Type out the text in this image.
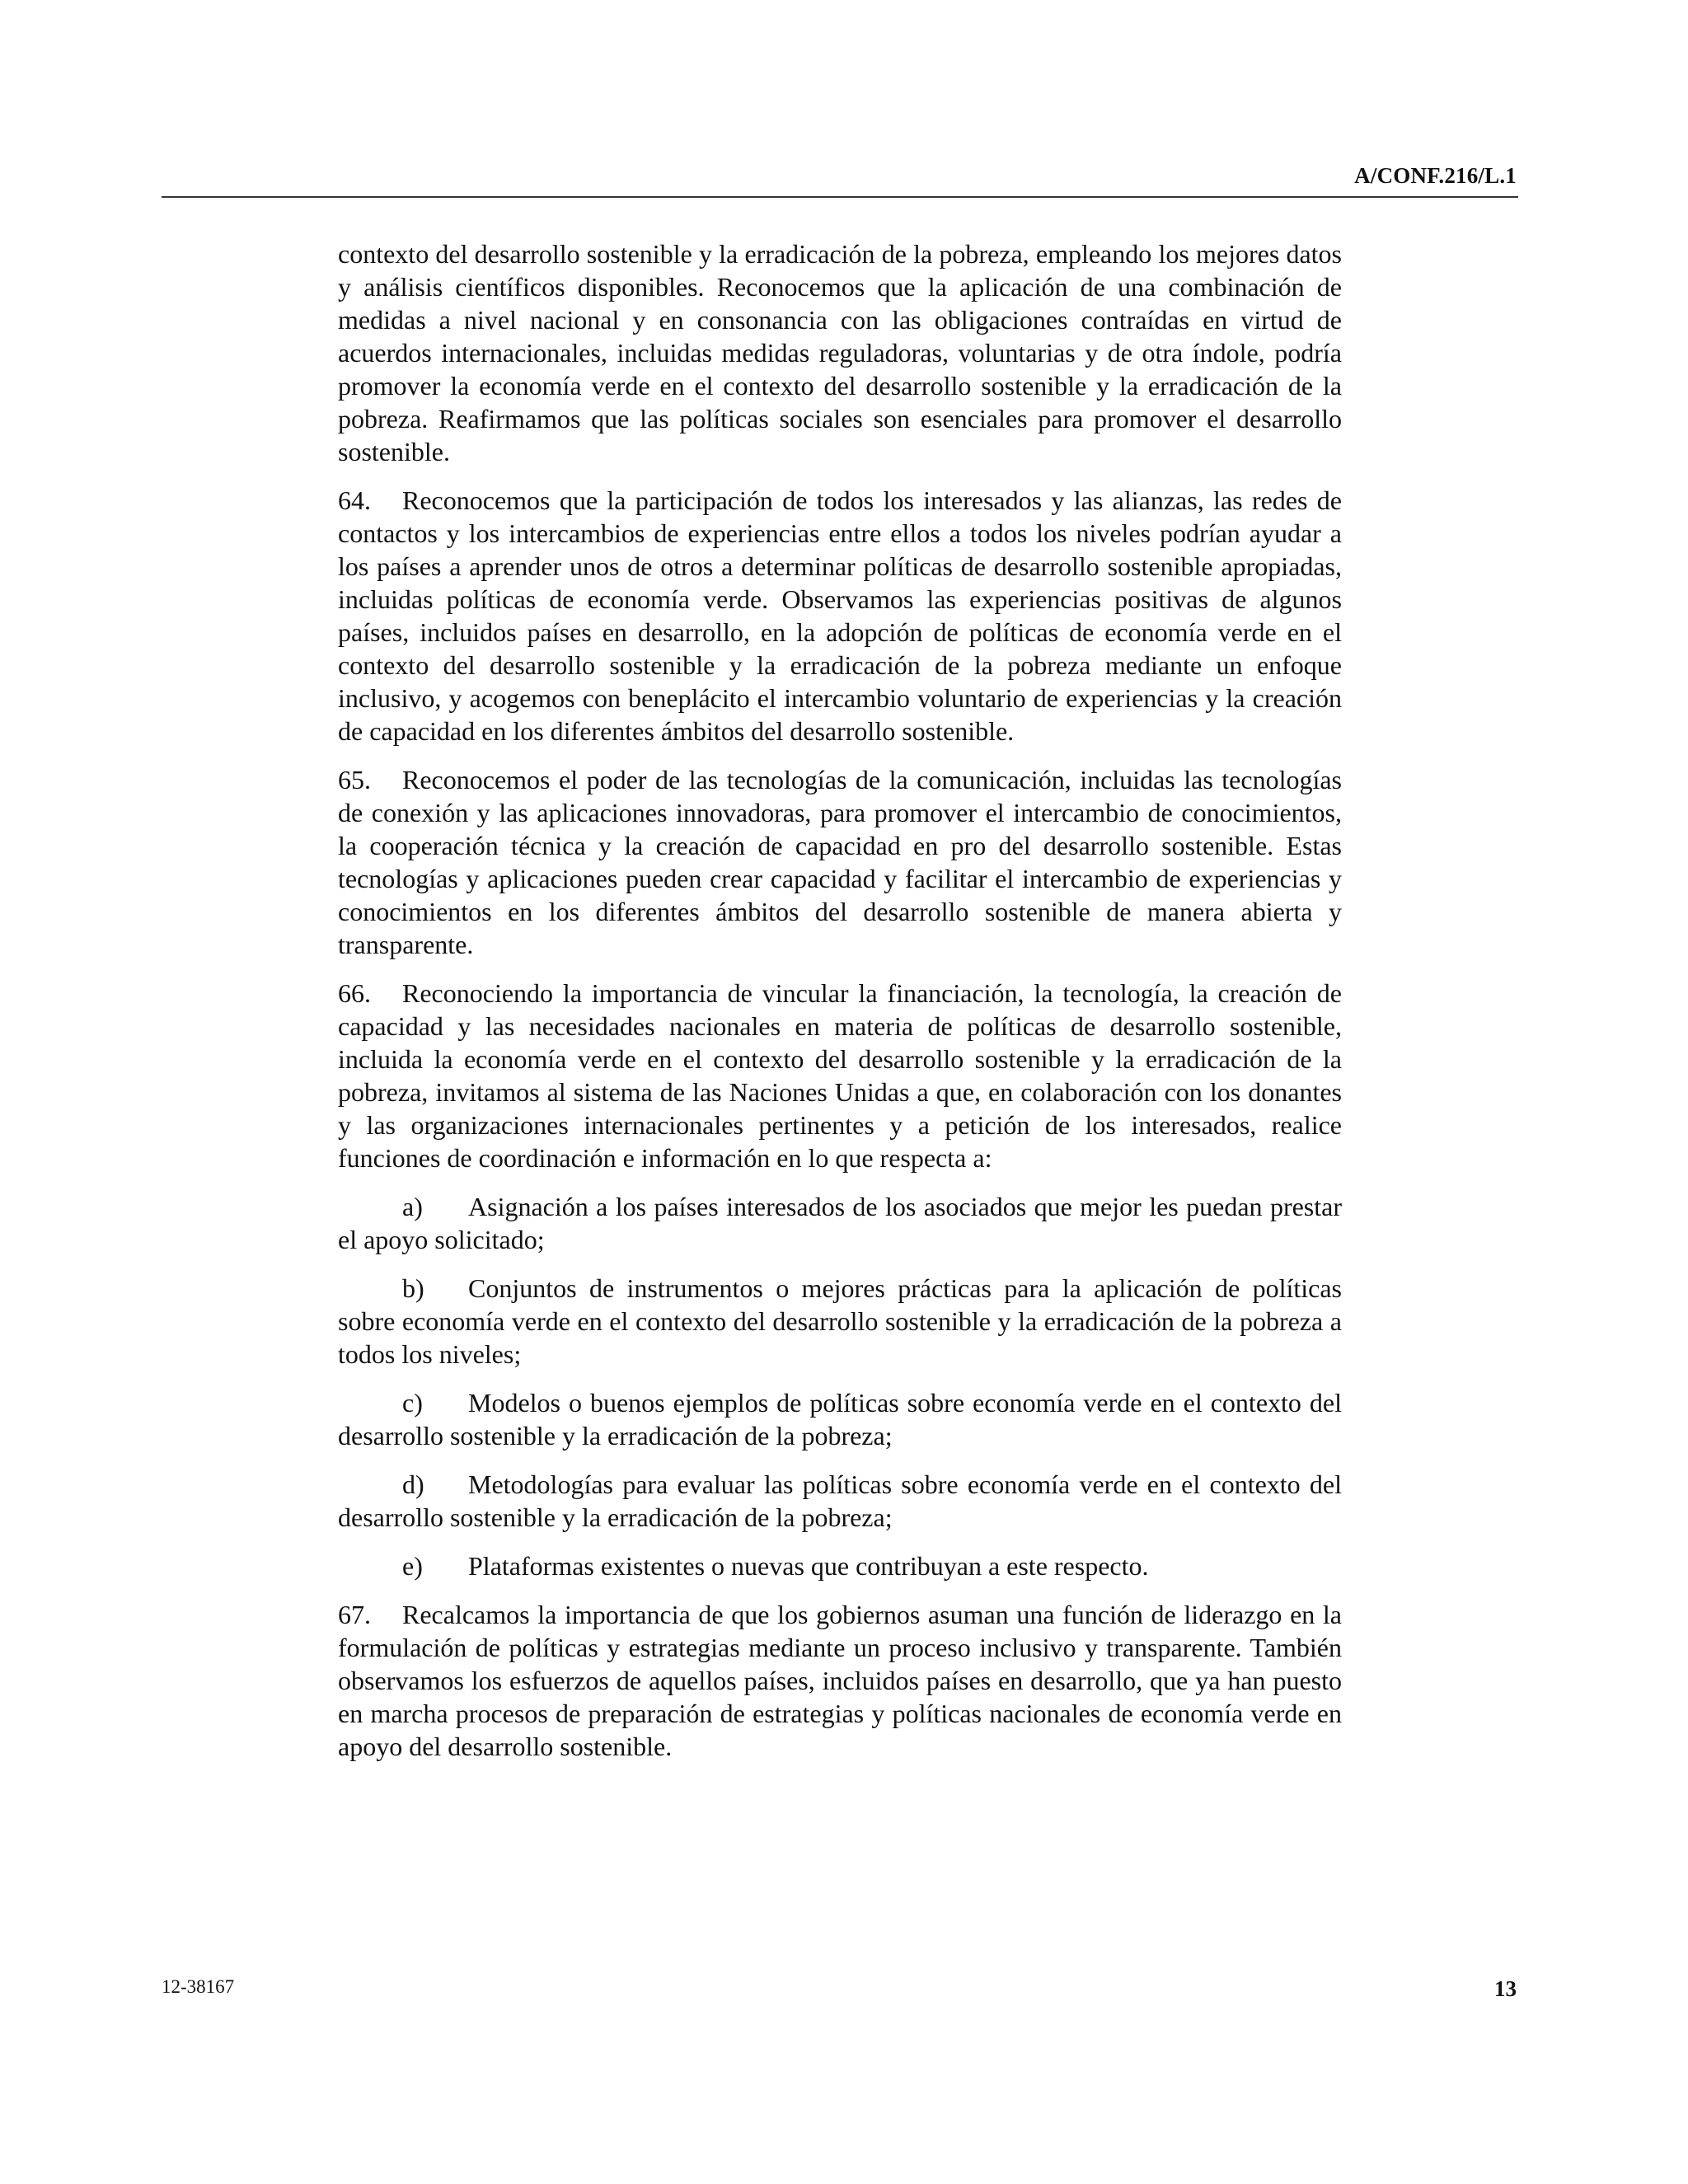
A/CONF.216/L.1

contexto del desarrollo sostenible y la erradicación de la pobreza, empleando los mejores datos y análisis científicos disponibles. Reconocemos que la aplicación de una combinación de medidas a nivel nacional y en consonancia con las obligaciones contraídas en virtud de acuerdos internacionales, incluidas medidas reguladoras, voluntarias y de otra índole, podría promover la economía verde en el contexto del desarrollo sostenible y la erradicación de la pobreza. Reafirmamos que las políticas sociales son esenciales para promover el desarrollo sostenible.

64. Reconocemos que la participación de todos los interesados y las alianzas, las redes de contactos y los intercambios de experiencias entre ellos a todos los niveles podrían ayudar a los países a aprender unos de otros a determinar políticas de desarrollo sostenible apropiadas, incluidas políticas de economía verde. Observamos las experiencias positivas de algunos países, incluidos países en desarrollo, en la adopción de políticas de economía verde en el contexto del desarrollo sostenible y la erradicación de la pobreza mediante un enfoque inclusivo, y acogemos con beneplácito el intercambio voluntario de experiencias y la creación de capacidad en los diferentes ámbitos del desarrollo sostenible.

65. Reconocemos el poder de las tecnologías de la comunicación, incluidas las tecnologías de conexión y las aplicaciones innovadoras, para promover el intercambio de conocimientos, la cooperación técnica y la creación de capacidad en pro del desarrollo sostenible. Estas tecnologías y aplicaciones pueden crear capacidad y facilitar el intercambio de experiencias y conocimientos en los diferentes ámbitos del desarrollo sostenible de manera abierta y transparente.

66. Reconociendo la importancia de vincular la financiación, la tecnología, la creación de capacidad y las necesidades nacionales en materia de políticas de desarrollo sostenible, incluida la economía verde en el contexto del desarrollo sostenible y la erradicación de la pobreza, invitamos al sistema de las Naciones Unidas a que, en colaboración con los donantes y las organizaciones internacionales pertinentes y a petición de los interesados, realice funciones de coordinación e información en lo que respecta a:

a) Asignación a los países interesados de los asociados que mejor les puedan prestar el apoyo solicitado;

b) Conjuntos de instrumentos o mejores prácticas para la aplicación de políticas sobre economía verde en el contexto del desarrollo sostenible y la erradicación de la pobreza a todos los niveles;

c) Modelos o buenos ejemplos de políticas sobre economía verde en el contexto del desarrollo sostenible y la erradicación de la pobreza;

d) Metodologías para evaluar las políticas sobre economía verde en el contexto del desarrollo sostenible y la erradicación de la pobreza;

e) Plataformas existentes o nuevas que contribuyan a este respecto.

67. Recalcamos la importancia de que los gobiernos asuman una función de liderazgo en la formulación de políticas y estrategias mediante un proceso inclusivo y transparente. También observamos los esfuerzos de aquellos países, incluidos países en desarrollo, que ya han puesto en marcha procesos de preparación de estrategias y políticas nacionales de economía verde en apoyo del desarrollo sostenible.

12-38167	13
